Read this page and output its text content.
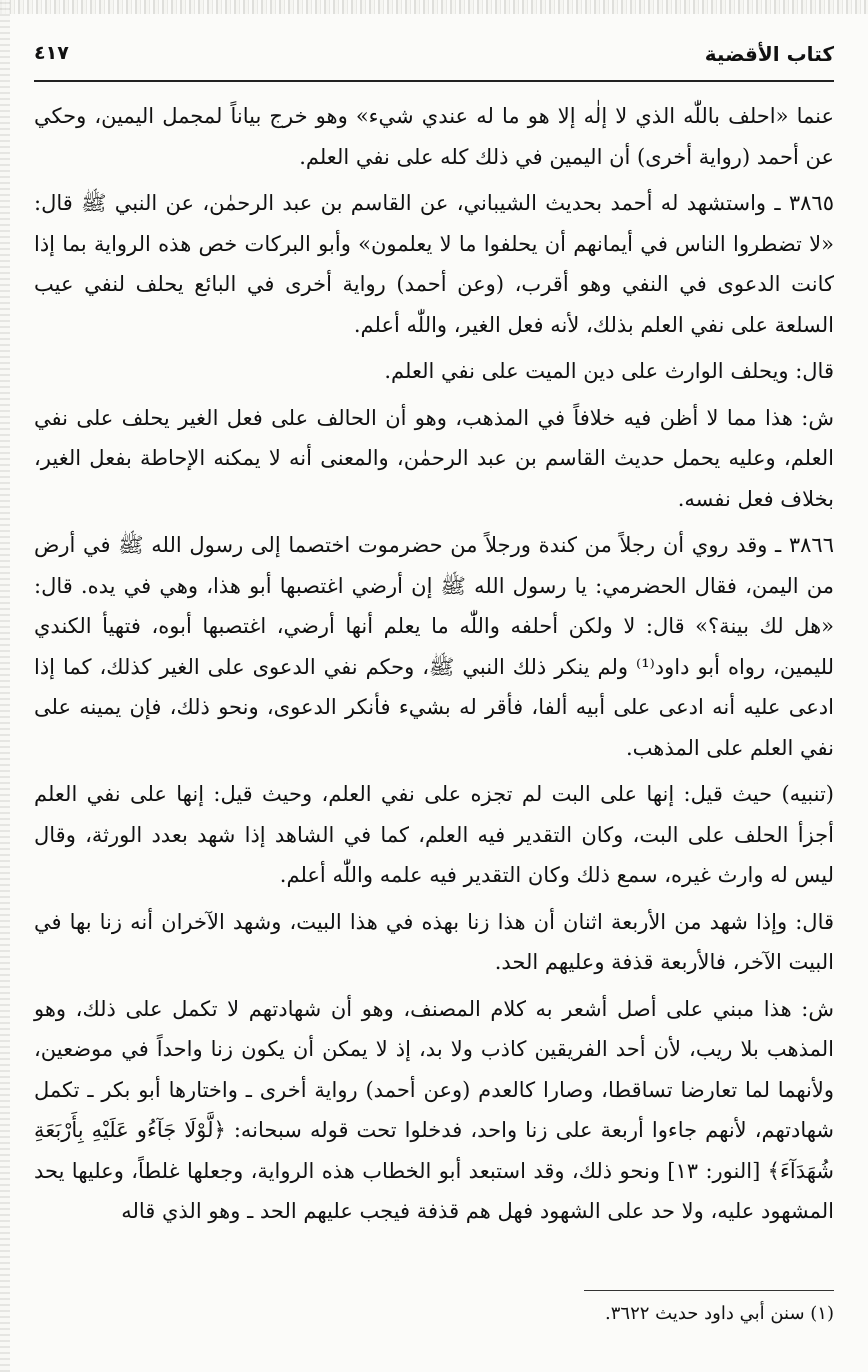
كتاب الأقضية
٤١٧

عنما «احلف باللّٰه الذي لا إلٰه إلا هو ما له عندي شيء» وهو خرج بياناً لمجمل اليمين، وحكي عن أحمد (رواية أخرى) أن اليمين في ذلك كله على نفي العلم.

٣٨٦٥ ـ واستشهد له أحمد بحديث الشيباني، عن القاسم بن عبد الرحمٰن، عن النبي ﷺ قال: «لا تضطروا الناس في أيمانهم أن يحلفوا ما لا يعلمون» وأبو البركات خص هذه الرواية بما إذا كانت الدعوى في النفي وهو أقرب، (وعن أحمد) رواية أخرى في البائع يحلف لنفي عيب السلعة على نفي العلم بذلك، لأنه فعل الغير، واللّٰه أعلم.

قال: ويحلف الوارث على دين الميت على نفي العلم.

ش: هذا مما لا أظن فيه خلافاً في المذهب، وهو أن الحالف على فعل الغير يحلف على نفي العلم، وعليه يحمل حديث القاسم بن عبد الرحمٰن، والمعنى أنه لا يمكنه الإحاطة بفعل الغير، بخلاف فعل نفسه.

٣٨٦٦ ـ وقد روي أن رجلاً من كندة ورجلاً من حضرموت اختصما إلى رسول الله ﷺ في أرض من اليمن، فقال الحضرمي: يا رسول الله ﷺ إن أرضي اغتصبها أبو هذا، وهي في يده. قال: «هل لك بينة؟» قال: لا ولكن أحلفه واللّٰه ما يعلم أنها أرضي، اغتصبها أبوه، فتهيأ الكندي لليمين، رواه أبو داود⁽¹⁾ ولم ينكر ذلك النبي ﷺ، وحكم نفي الدعوى على الغير كذلك، كما إذا ادعى عليه أنه ادعى على أبيه ألفا، فأقر له بشيء فأنكر الدعوى، ونحو ذلك، فإن يمينه على نفي العلم على المذهب.

(تنبيه) حيث قيل: إنها على البت لم تجزه على نفي العلم، وحيث قيل: إنها على نفي العلم أجزأ الحلف على البت، وكان التقدير فيه العلم، كما في الشاهد إذا شهد بعدد الورثة، وقال ليس له وارث غيره، سمع ذلك وكان التقدير فيه علمه واللّٰه أعلم.

قال: وإذا شهد من الأربعة اثنان أن هذا زنا بهذه في هذا البيت، وشهد الآخران أنه زنا بها في البيت الآخر، فالأربعة قذفة وعليهم الحد.

ش: هذا مبني على أصل أشعر به كلام المصنف، وهو أن شهادتهم لا تكمل على ذلك، وهو المذهب بلا ريب، لأن أحد الفريقين كاذب ولا بد، إذ لا يمكن أن يكون زنا واحداً في موضعين، ولأنهما لما تعارضا تساقطا، وصارا كالعدم (وعن أحمد) رواية أخرى ـ واختارها أبو بكر ـ تكمل شهادتهم، لأنهم جاءوا أربعة على زنا واحد، فدخلوا تحت قوله سبحانه: ﴿لَّوْلَا جَآءُو عَلَيْهِ بِأَرْبَعَةِ شُهَدَآءَ﴾ [النور: ١٣] ونحو ذلك، وقد استبعد أبو الخطاب هذه الرواية، وجعلها غلطاً، وعليها يحد المشهود عليه، ولا حد على الشهود فهل هم قذفة فيجب عليهم الحد ـ وهو الذي قاله

(١) سنن أبي داود حديث ٣٦٢٢.
